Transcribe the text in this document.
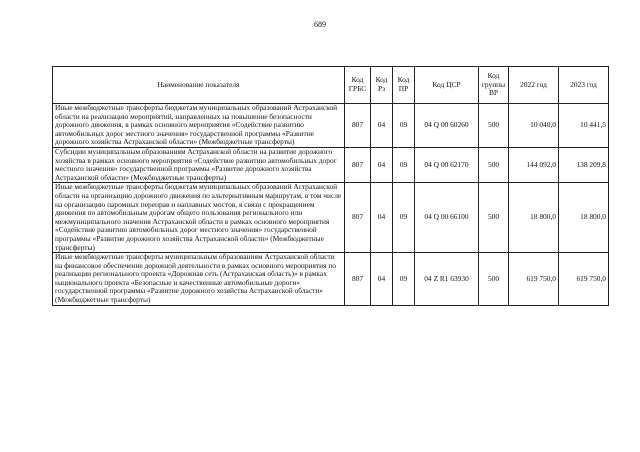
689
Наименование показателя	Код ГРБС	Код Рз	Код ПР	Код ЦСР	Код группы ВР	2022 год	2023 год
Иные межбюджетные трансферты бюджетам муниципальных образований Астраханской области на реализацию мероприятий, направленных на повышение безопасности дорожного движения, в рамках основного мероприятия «Содействие развитию автомобильных дорог местного значения» государственной программы «Развитие дорожного хозяйства Астраханской области» (Межбюджетные трансферты)	807	04	09	04 Q 00 60260	500	10 040,0	10 441,5
Субсидии муниципальным образованиям Астраханской области на развитие дорожного хозяйства в рамках основного мероприятия «Содействие развитию автомобильных дорог местного значения» государственной программы «Развитие дорожного хозяйства Астраханской области» (Межбюджетные трансферты)	807	04	09	04 Q 00 62170	500	144 092,0	138 209,8
Иные межбюджетные трансферты бюджетам муниципальных образований Астраханской области на организацию дорожного движения по альтернативным маршрутам, в том числе на организацию паромных переправ и наплавных мостов, в связи с прекращением движения по автомобильным дорогам общего пользования регионального или межмуниципального значения Астраханской области в рамках основного мероприятия «Содействие развитию автомобильных дорог местного значения» государственной программы «Развитие дорожного хозяйства Астраханской области» (Межбюджетные трансферты)	807	04	09	04 Q 00 66100	500	18 800,0	18 800,0
Иные межбюджетные трансферты муниципальным образованиям Астраханской области на финансовое обеспечение дорожной деятельности в рамках основного мероприятия по реализации регионального проекта «Дорожная сеть (Астраханская область)» в рамках национального проекта «Безопасные и качественные автомобильные дороги» государственной программы «Развитие дорожного хозяйства Астраханской области» (Межбюджетные трансферты)	807	04	09	04 Z R1 63930	500	619 750,0	619 750,0
